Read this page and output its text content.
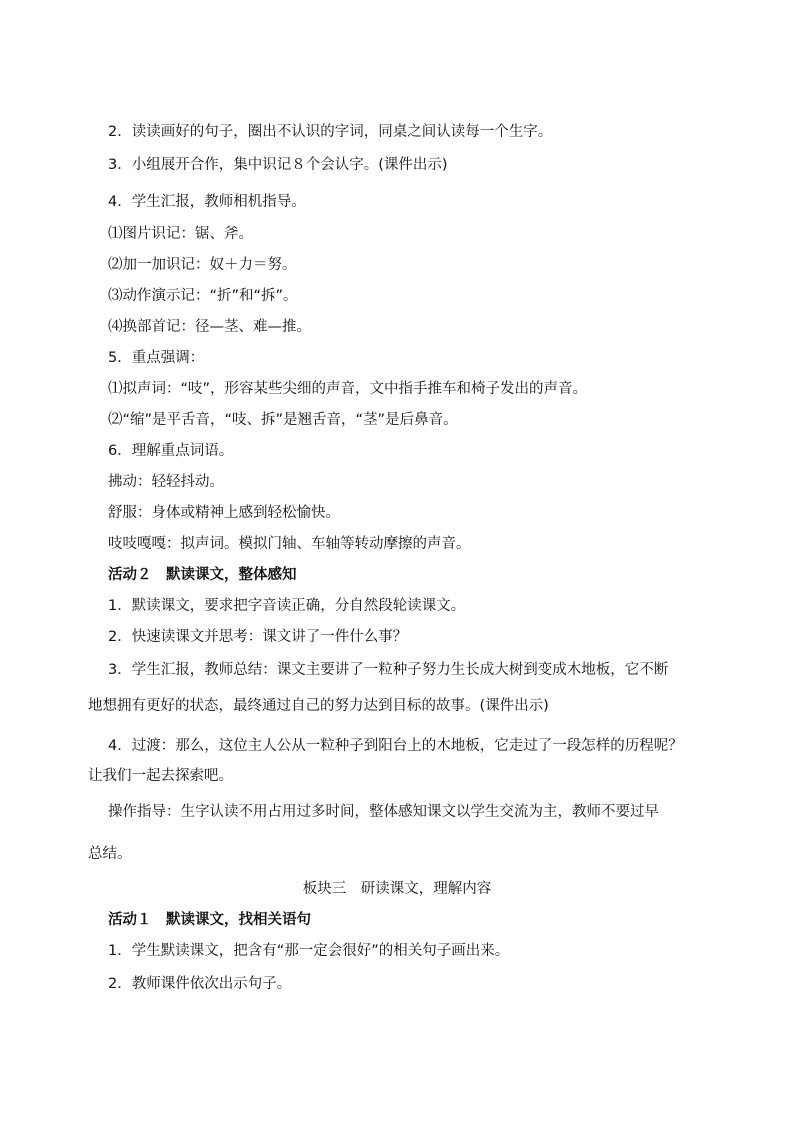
2．读读画好的句子，圈出不认识的字词，同桌之间认读每一个生字。
3．小组展开合作，集中识记８个会认字。(课件出示)
4．学生汇报，教师相机指导。
⑴图片识记：锯、斧。
⑵加一加识记：奴＋力＝努。
⑶动作演示记：“折”和“拆”。
⑷换部首记：径—茎、难—推。
5．重点强调：
⑴拟声词：“吱”，形容某些尖细的声音，文中指手推车和椅子发出的声音。
⑵“缩”是平舌音，“吱、拆”是翘舌音，“茎”是后鼻音。
6．理解重点词语。
拂动：轻轻抖动。
舒服：身体或精神上感到轻松愉快。
吱吱嘎嘎：拟声词。模拟门轴、车轴等转动摩擦的声音。
活动２　默读课文，整体感知
1．默读课文，要求把字音读正确，分自然段轮读课文。
2．快速读课文并思考：课文讲了一件什么事？
3．学生汇报，教师总结：课文主要讲了一粒种子努力生长成大树到变成木地板，它不断
地想拥有更好的状态，最终通过自己的努力达到目标的故事。(课件出示)
4．过渡：那么，这位主人公从一粒种子到阳台上的木地板，它走过了一段怎样的历程呢？
让我们一起去探索吧。
操作指导：生字认读不用占用过多时间，整体感知课文以学生交流为主，教师不要过早
总结。
板块三　研读课文，理解内容
活动１　默读课文，找相关语句
1．学生默读课文，把含有“那一定会很好”的相关句子画出来。
2．教师课件依次出示句子。
